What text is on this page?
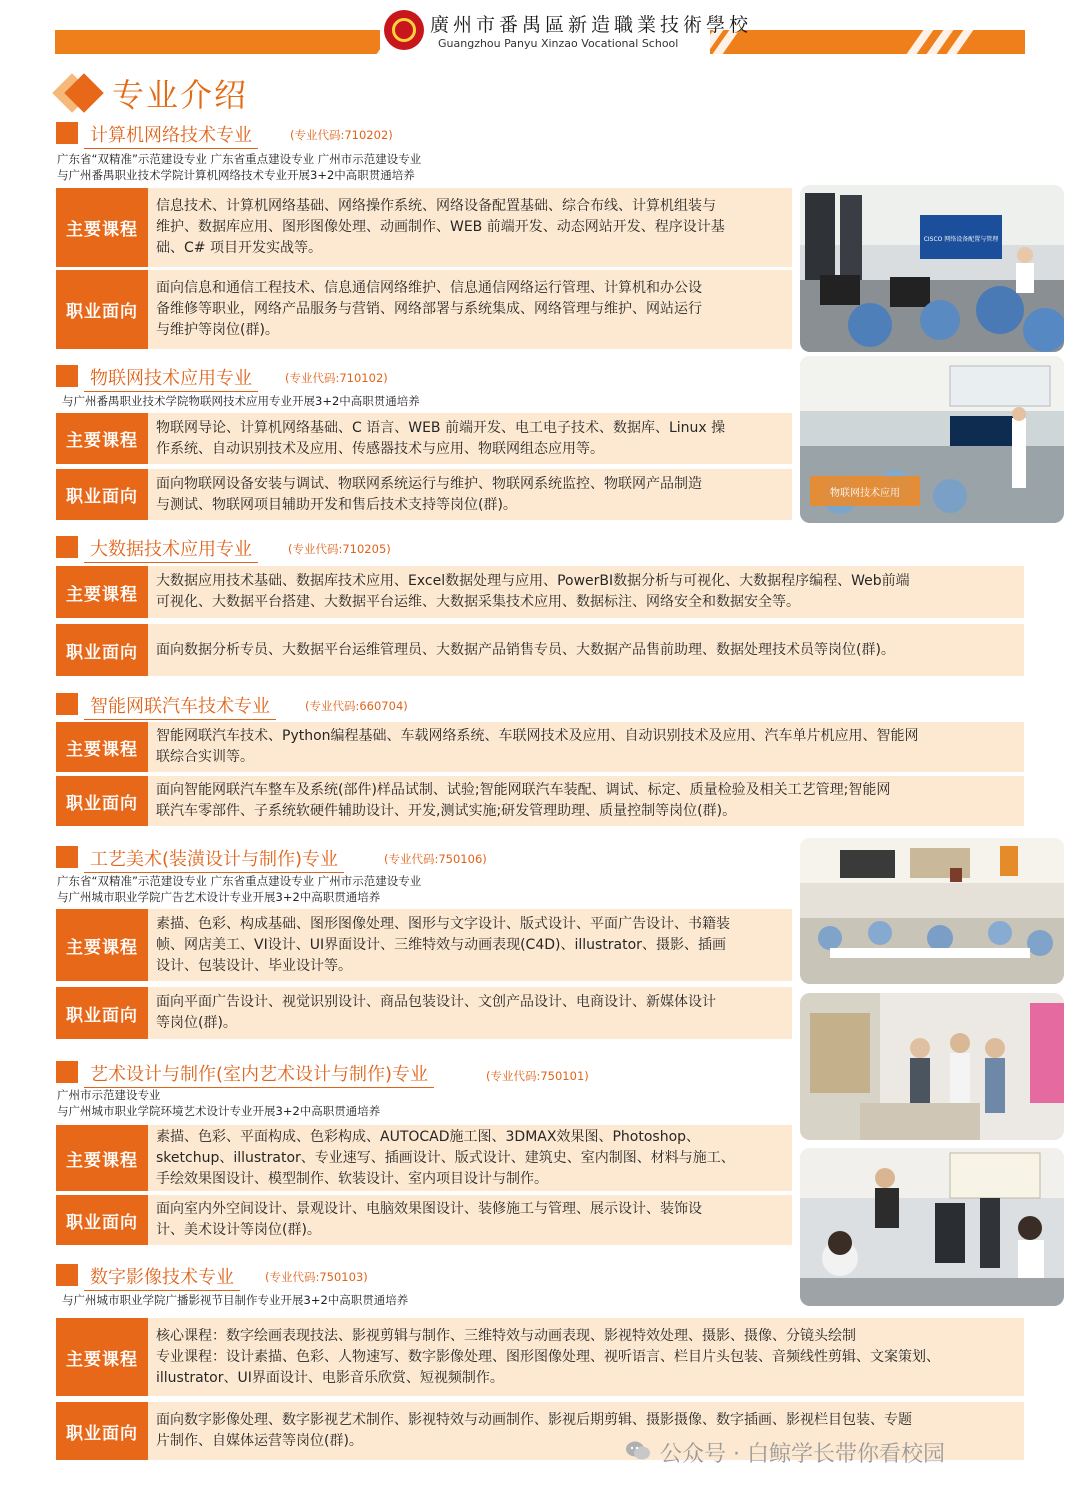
廣州市番禺區新造職業技術學校
Guangzhou Panyu Xinzao Vocational School
专业介绍
计算机网络技术专业	(专业代码:710202)
广东省“双精准”示范建设专业 广东省重点建设专业 广州市示范建设专业
与广州番禺职业技术学院计算机网络技术专业开展3+2中高职贯通培养
主要课程
信息技术、计算机网络基础、网络操作系统、网络设备配置基础、综合布线、计算机组装与
维护、数据库应用、图形图像处理、动画制作、WEB 前端开发、动态网站开发、程序设计基
础、C# 项目开发实战等。
职业面向
面向信息和通信工程技术、信息通信网络维护、信息通信网络运行管理、计算机和办公设
备维修等职业，网络产品服务与营销、网络部署与系统集成、网络管理与维护、网站运行
与维护等岗位(群)。
物联网技术应用专业	(专业代码:710102)
与广州番禺职业技术学院物联网技术应用专业开展3+2中高职贯通培养
主要课程
物联网导论、计算机网络基础、C 语言、WEB 前端开发、电工电子技术、数据库、Linux 操
作系统、自动识别技术及应用、传感器技术与应用、物联网组态应用等。
职业面向
面向物联网设备安装与调试、物联网系统运行与维护、物联网系统监控、物联网产品制造
与测试、物联网项目辅助开发和售后技术支持等岗位(群)。
大数据技术应用专业	(专业代码:710205)
主要课程
大数据应用技术基础、数据库技术应用、Excel数据处理与应用、PowerBI数据分析与可视化、大数据程序编程、Web前端
可视化、大数据平台搭建、大数据平台运维、大数据采集技术应用、数据标注、网络安全和数据安全等。
职业面向	面向数据分析专员、大数据平台运维管理员、大数据产品销售专员、大数据产品售前助理、数据处理技术员等岗位(群)。
智能网联汽车技术专业	(专业代码:660704)
主要课程
智能网联汽车技术、Python编程基础、车载网络系统、车联网技术及应用、自动识别技术及应用、汽车单片机应用、智能网
联综合实训等。
职业面向
面向智能网联汽车整车及系统(部件)样品试制、试验;智能网联汽车装配、调试、标定、质量检验及相关工艺管理;智能网
联汽车零部件、子系统软硬件辅助设计、开发,测试实施;研发管理助理、质量控制等岗位(群)。
工艺美术(装潢设计与制作)专业	(专业代码:750106)
广东省“双精准”示范建设专业 广东省重点建设专业 广州市示范建设专业
与广州城市职业学院广告艺术设计专业开展3+2中高职贯通培养
主要课程
素描、色彩、构成基础、图形图像处理、图形与文字设计、版式设计、平面广告设计、书籍装
帧、网店美工、VI设计、UI界面设计、三维特效与动画表现(C4D)、illustrator、摄影、插画
设计、包装设计、毕业设计等。
职业面向
面向平面广告设计、视觉识别设计、商品包装设计、文创产品设计、电商设计、新媒体设计
等岗位(群)。
艺术设计与制作(室内艺术设计与制作)专业	(专业代码:750101)
广州市示范建设专业
与广州城市职业学院环境艺术设计专业开展3+2中高职贯通培养
主要课程
素描、色彩、平面构成、色彩构成、AUTOCAD施工图、3DMAX效果图、Photoshop、
sketchup、illustrator、专业速写、插画设计、版式设计、建筑史、室内制图、材料与施工、
手绘效果图设计、模型制作、软装设计、室内项目设计与制作。
职业面向
面向室内外空间设计、景观设计、电脑效果图设计、装修施工与管理、展示设计、装饰设
计、美术设计等岗位(群)。
数字影像技术专业	(专业代码:750103)
与广州城市职业学院广播影视节目制作专业开展3+2中高职贯通培养
主要课程
核心课程：数字绘画表现技法、影视剪辑与制作、三维特效与动画表现、影视特效处理、摄影、摄像、分镜头绘制
专业课程：设计素描、色彩、人物速写、数字影像处理、图形图像处理、视听语言、栏目片头包装、音频线性剪辑、文案策划、
illustrator、UI界面设计、电影音乐欣赏、短视频制作。
职业面向
面向数字影像处理、数字影视艺术制作、影视特效与动画制作、影视后期剪辑、摄影摄像、数字插画、影视栏目包装、专题
片制作、自媒体运营等岗位(群)。
CISCO 网络设备配置与管理
物联网技术应用
公众号 · 白鲸学长带你看校园
